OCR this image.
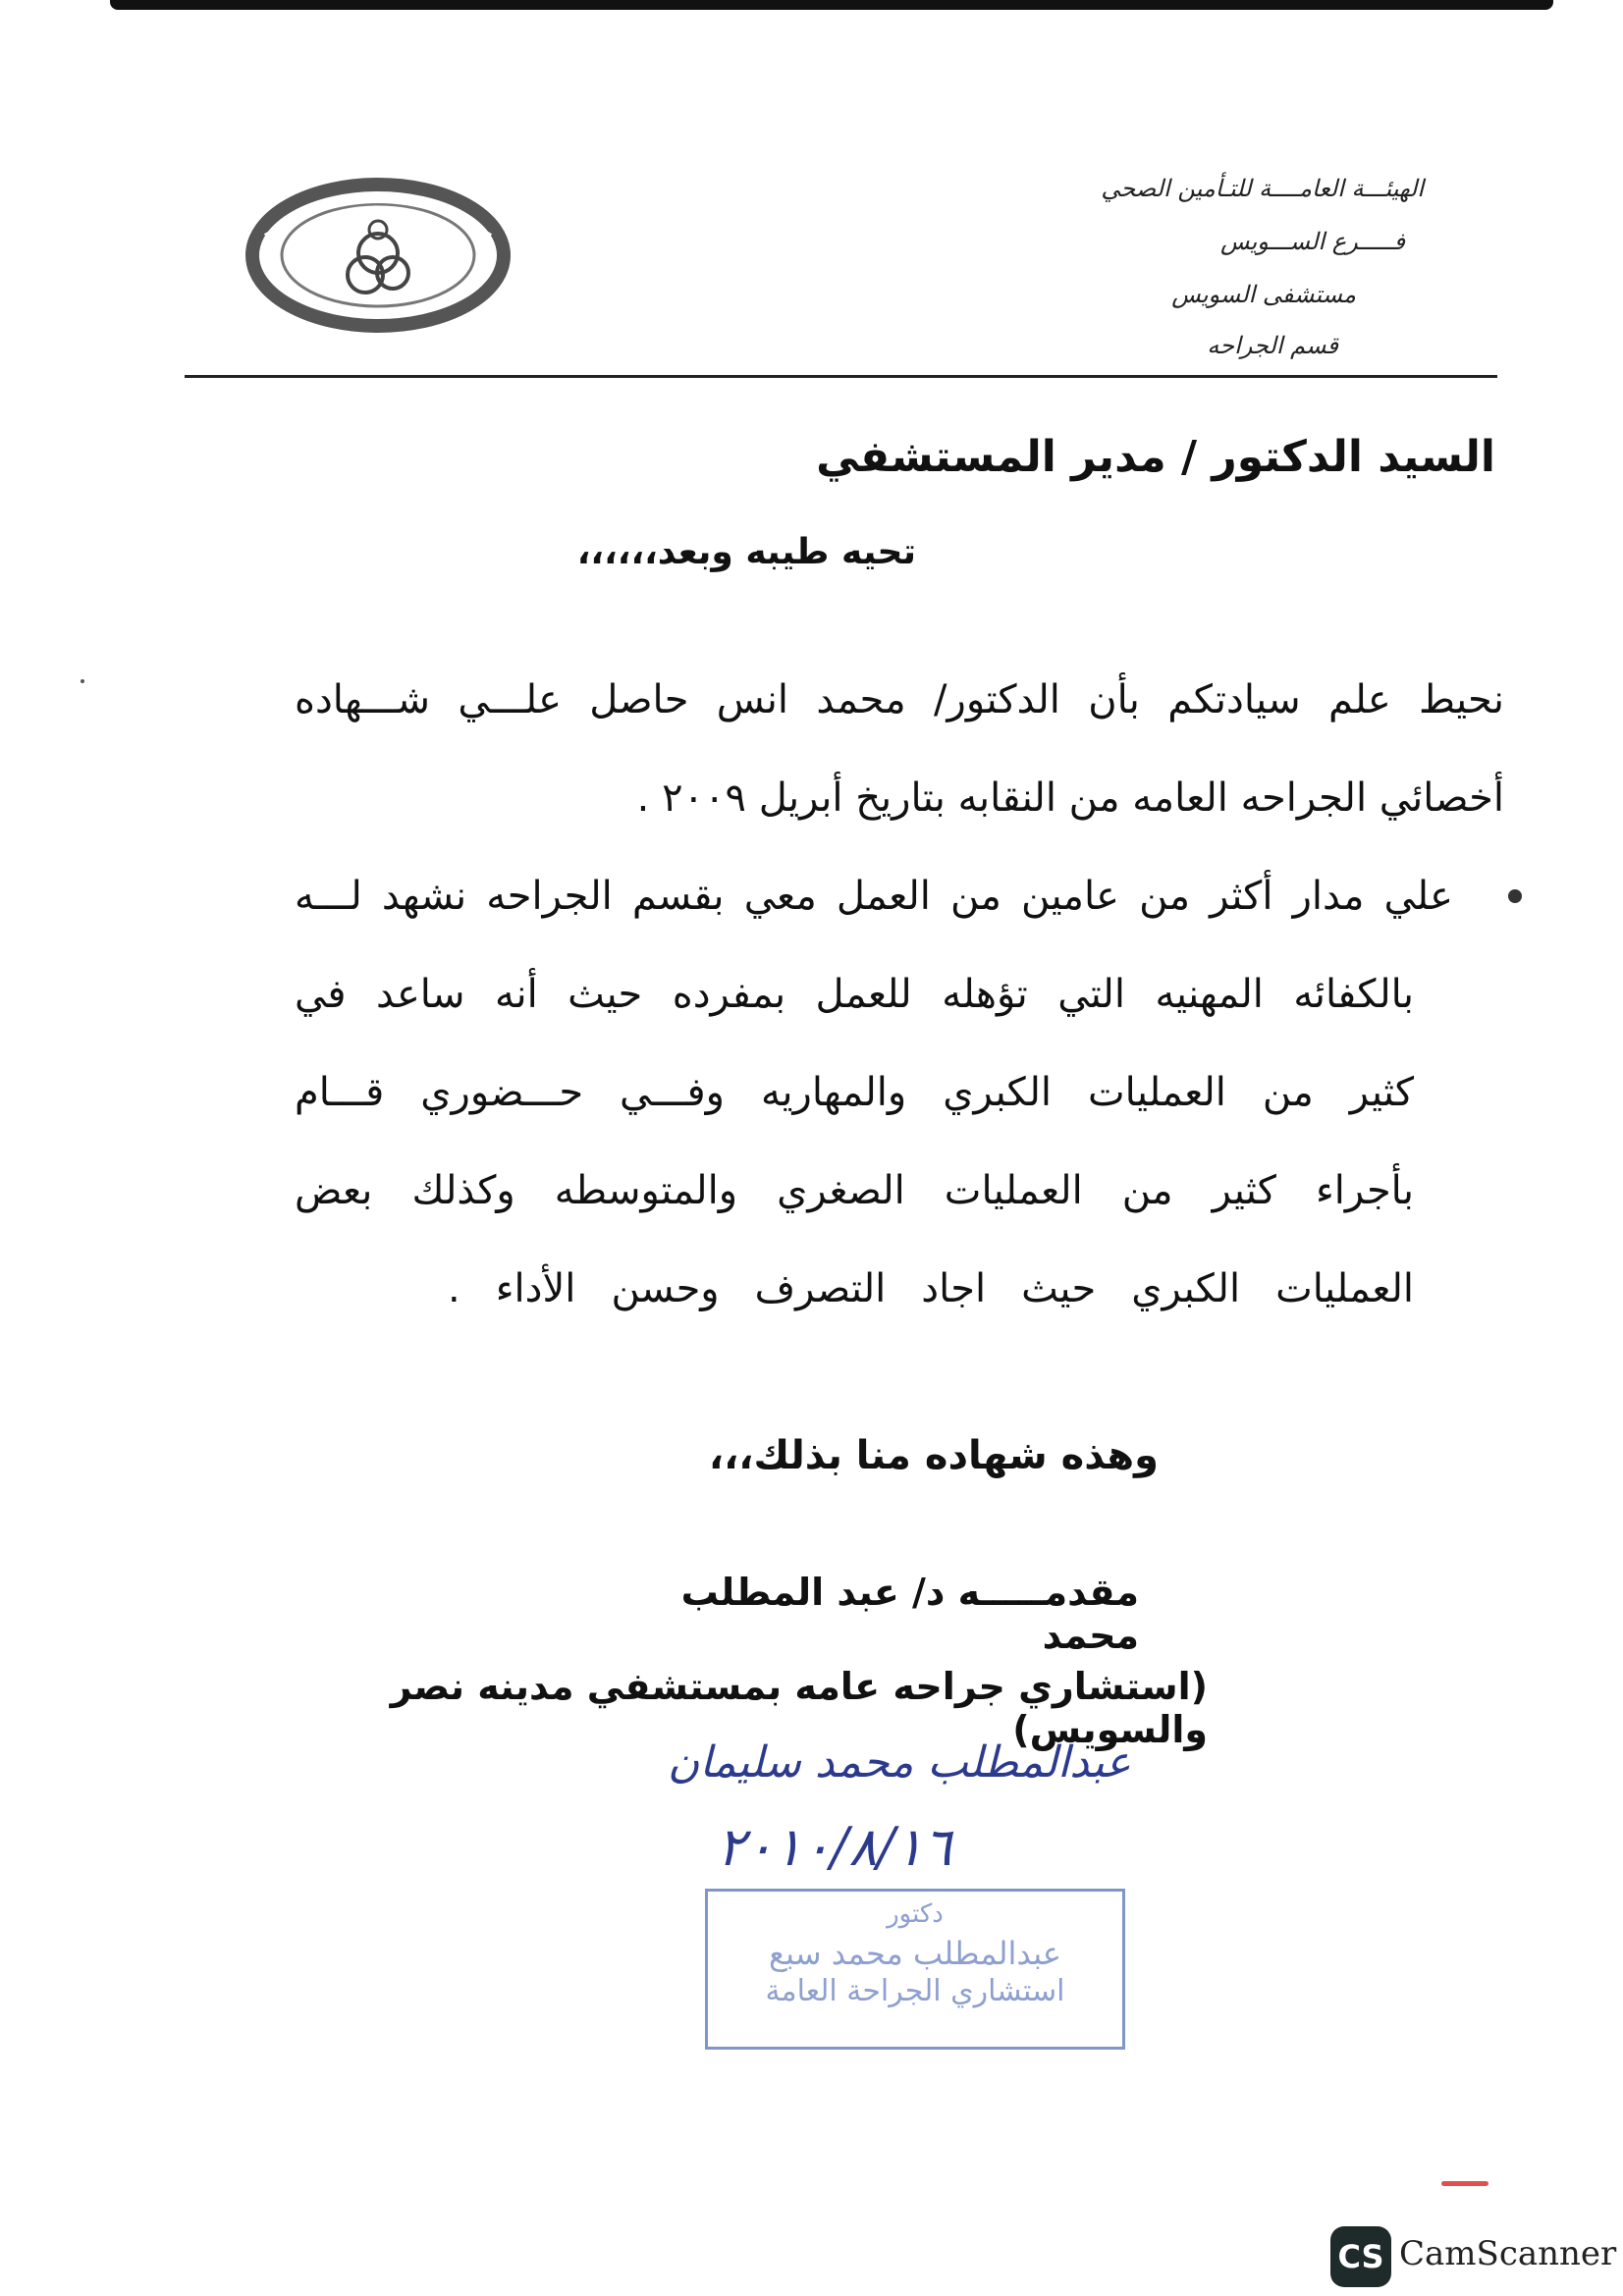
الهيئـــة العامــــة للتـأمين الصحي
فـــــرع الســـويس
مستشفى السويس
قسم الجراحه
السيد الدكتور / مدير المستشفي
تحيه طيبه وبعد،،،،،،
نحيط علم سيادتكم بأن الدكتور/ محمد انس حاصل علـــي شـــهاده
أخصائي الجراحه العامه من النقابه بتاريخ أبريل ٢٠٠٩ .
علي مدار أكثر من عامين من العمل معي بقسم الجراحه نشهد لـــه
بالكفائه المهنيه التي تؤهله للعمل بمفرده حيث أنه ساعد في
كثير من العمليات الكبري والمهاريه وفـــي حـــضوري قـــام
بأجراء كثير من العمليات الصغري والمتوسطه وكذلك بعض
العمليات الكبري حيث اجاد التصرف وحسن الأداء .
وهذه شهاده منا بذلك،،،
مقدمـــــه د/ عبد المطلب محمد
(استشاري جراحه عامه بمستشفي مدينه نصر والسويس)
عبدالمطلب محمد سليمان
٢٠١٠/٨/١٦
دكتور
عبدالمطلب محمد سبع
استشاري الجراحة العامة
CS CamScanner
